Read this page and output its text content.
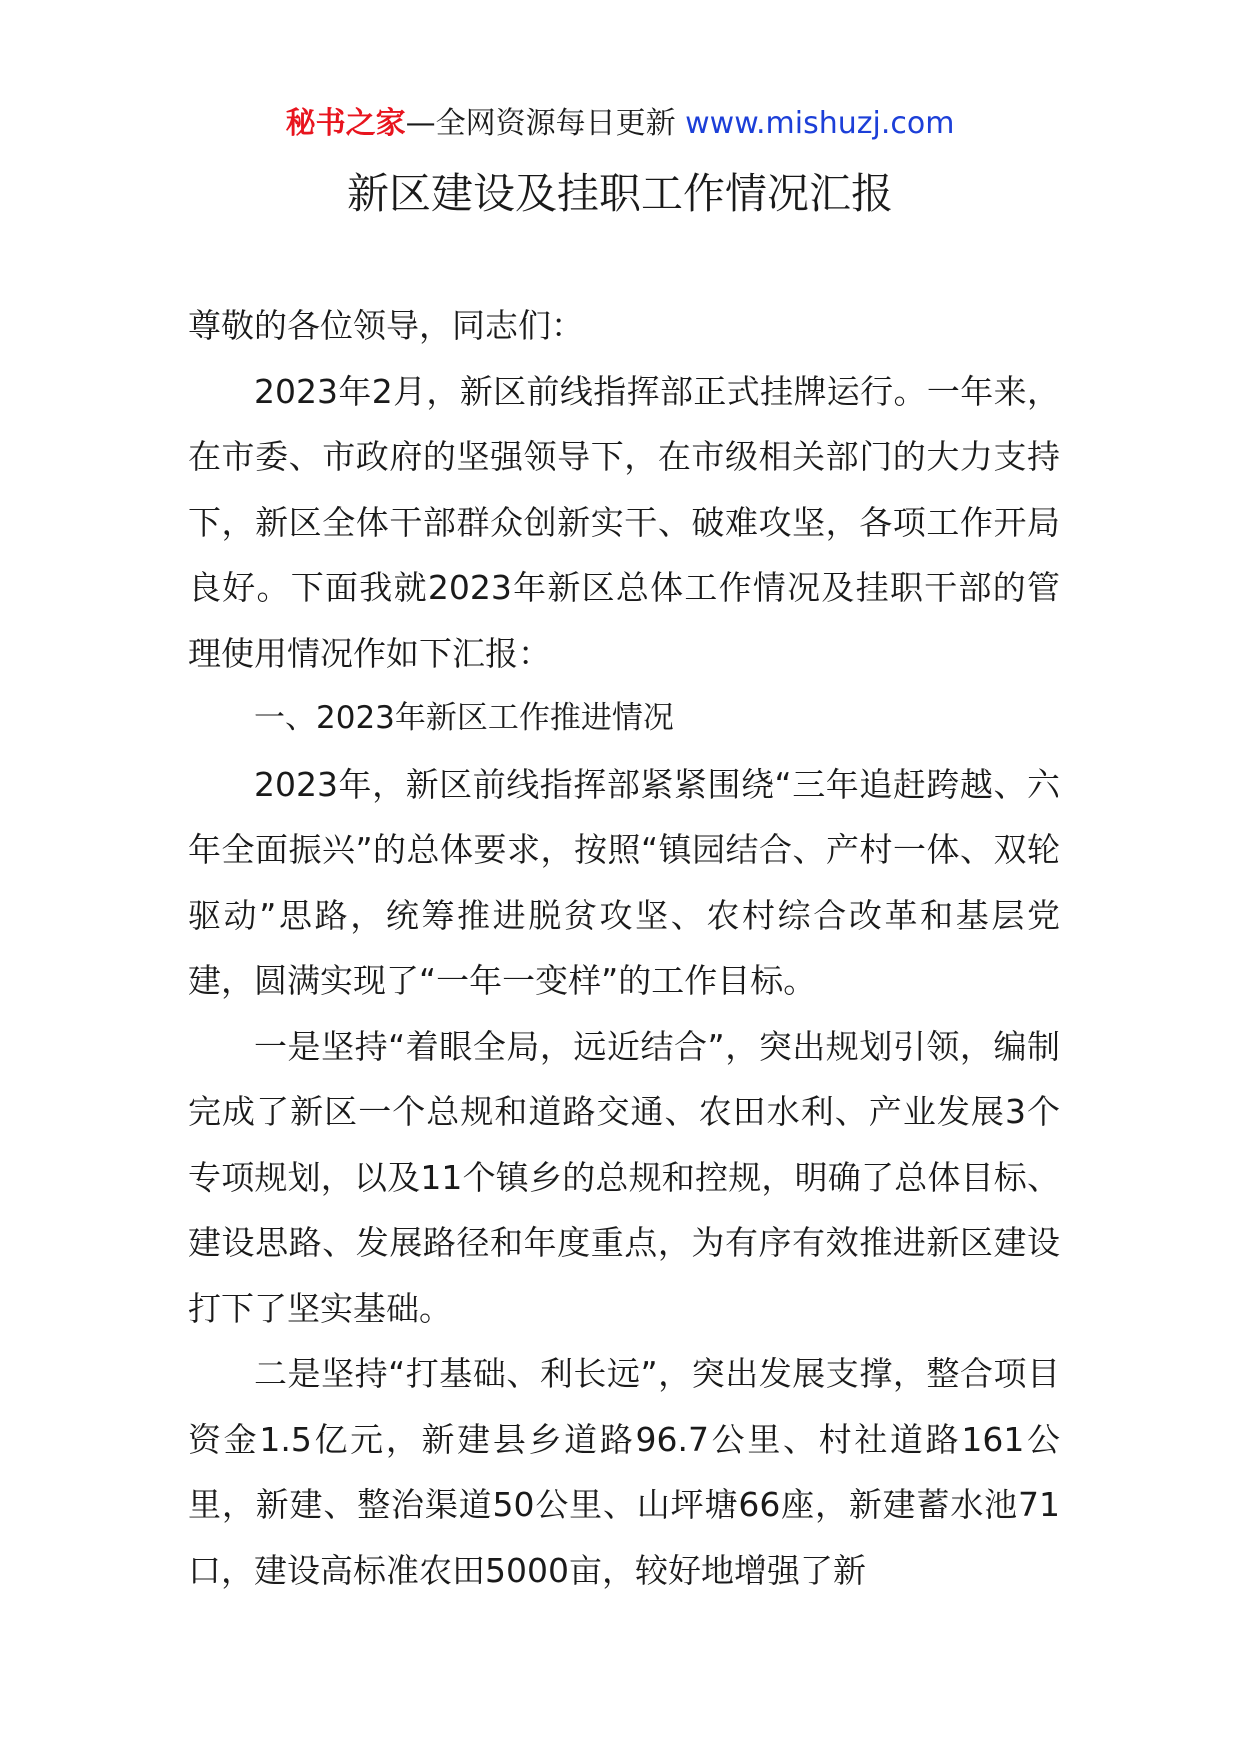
秘书之家—全网资源每日更新 www.mishuzj.com
新区建设及挂职工作情况汇报

尊敬的各位领导，同志们：

2023年2月，新区前线指挥部正式挂牌运行。一年来，在市委、市政府的坚强领导下，在市级相关部门的大力支持下，新区全体干部群众创新实干、破难攻坚，各项工作开局良好。下面我就2023年新区总体工作情况及挂职干部的管理使用情况作如下汇报：

一、2023年新区工作推进情况

2023年，新区前线指挥部紧紧围绕“三年追赶跨越、六年全面振兴”的总体要求，按照“镇园结合、产村一体、双轮驱动”思路，统筹推进脱贫攻坚、农村综合改革和基层党建，圆满实现了“一年一变样”的工作目标。

一是坚持“着眼全局，远近结合”，突出规划引领，编制完成了新区一个总规和道路交通、农田水利、产业发展3个专项规划，以及11个镇乡的总规和控规，明确了总体目标、建设思路、发展路径和年度重点，为有序有效推进新区建设打下了坚实基础。

二是坚持“打基础、利长远”，突出发展支撑，整合项目资金1.5亿元，新建县乡道路96.7公里、村社道路161公里，新建、整治渠道50公里、山坪塘66座，新建蓄水池71口，建设高标准农田5000亩，较好地增强了新
